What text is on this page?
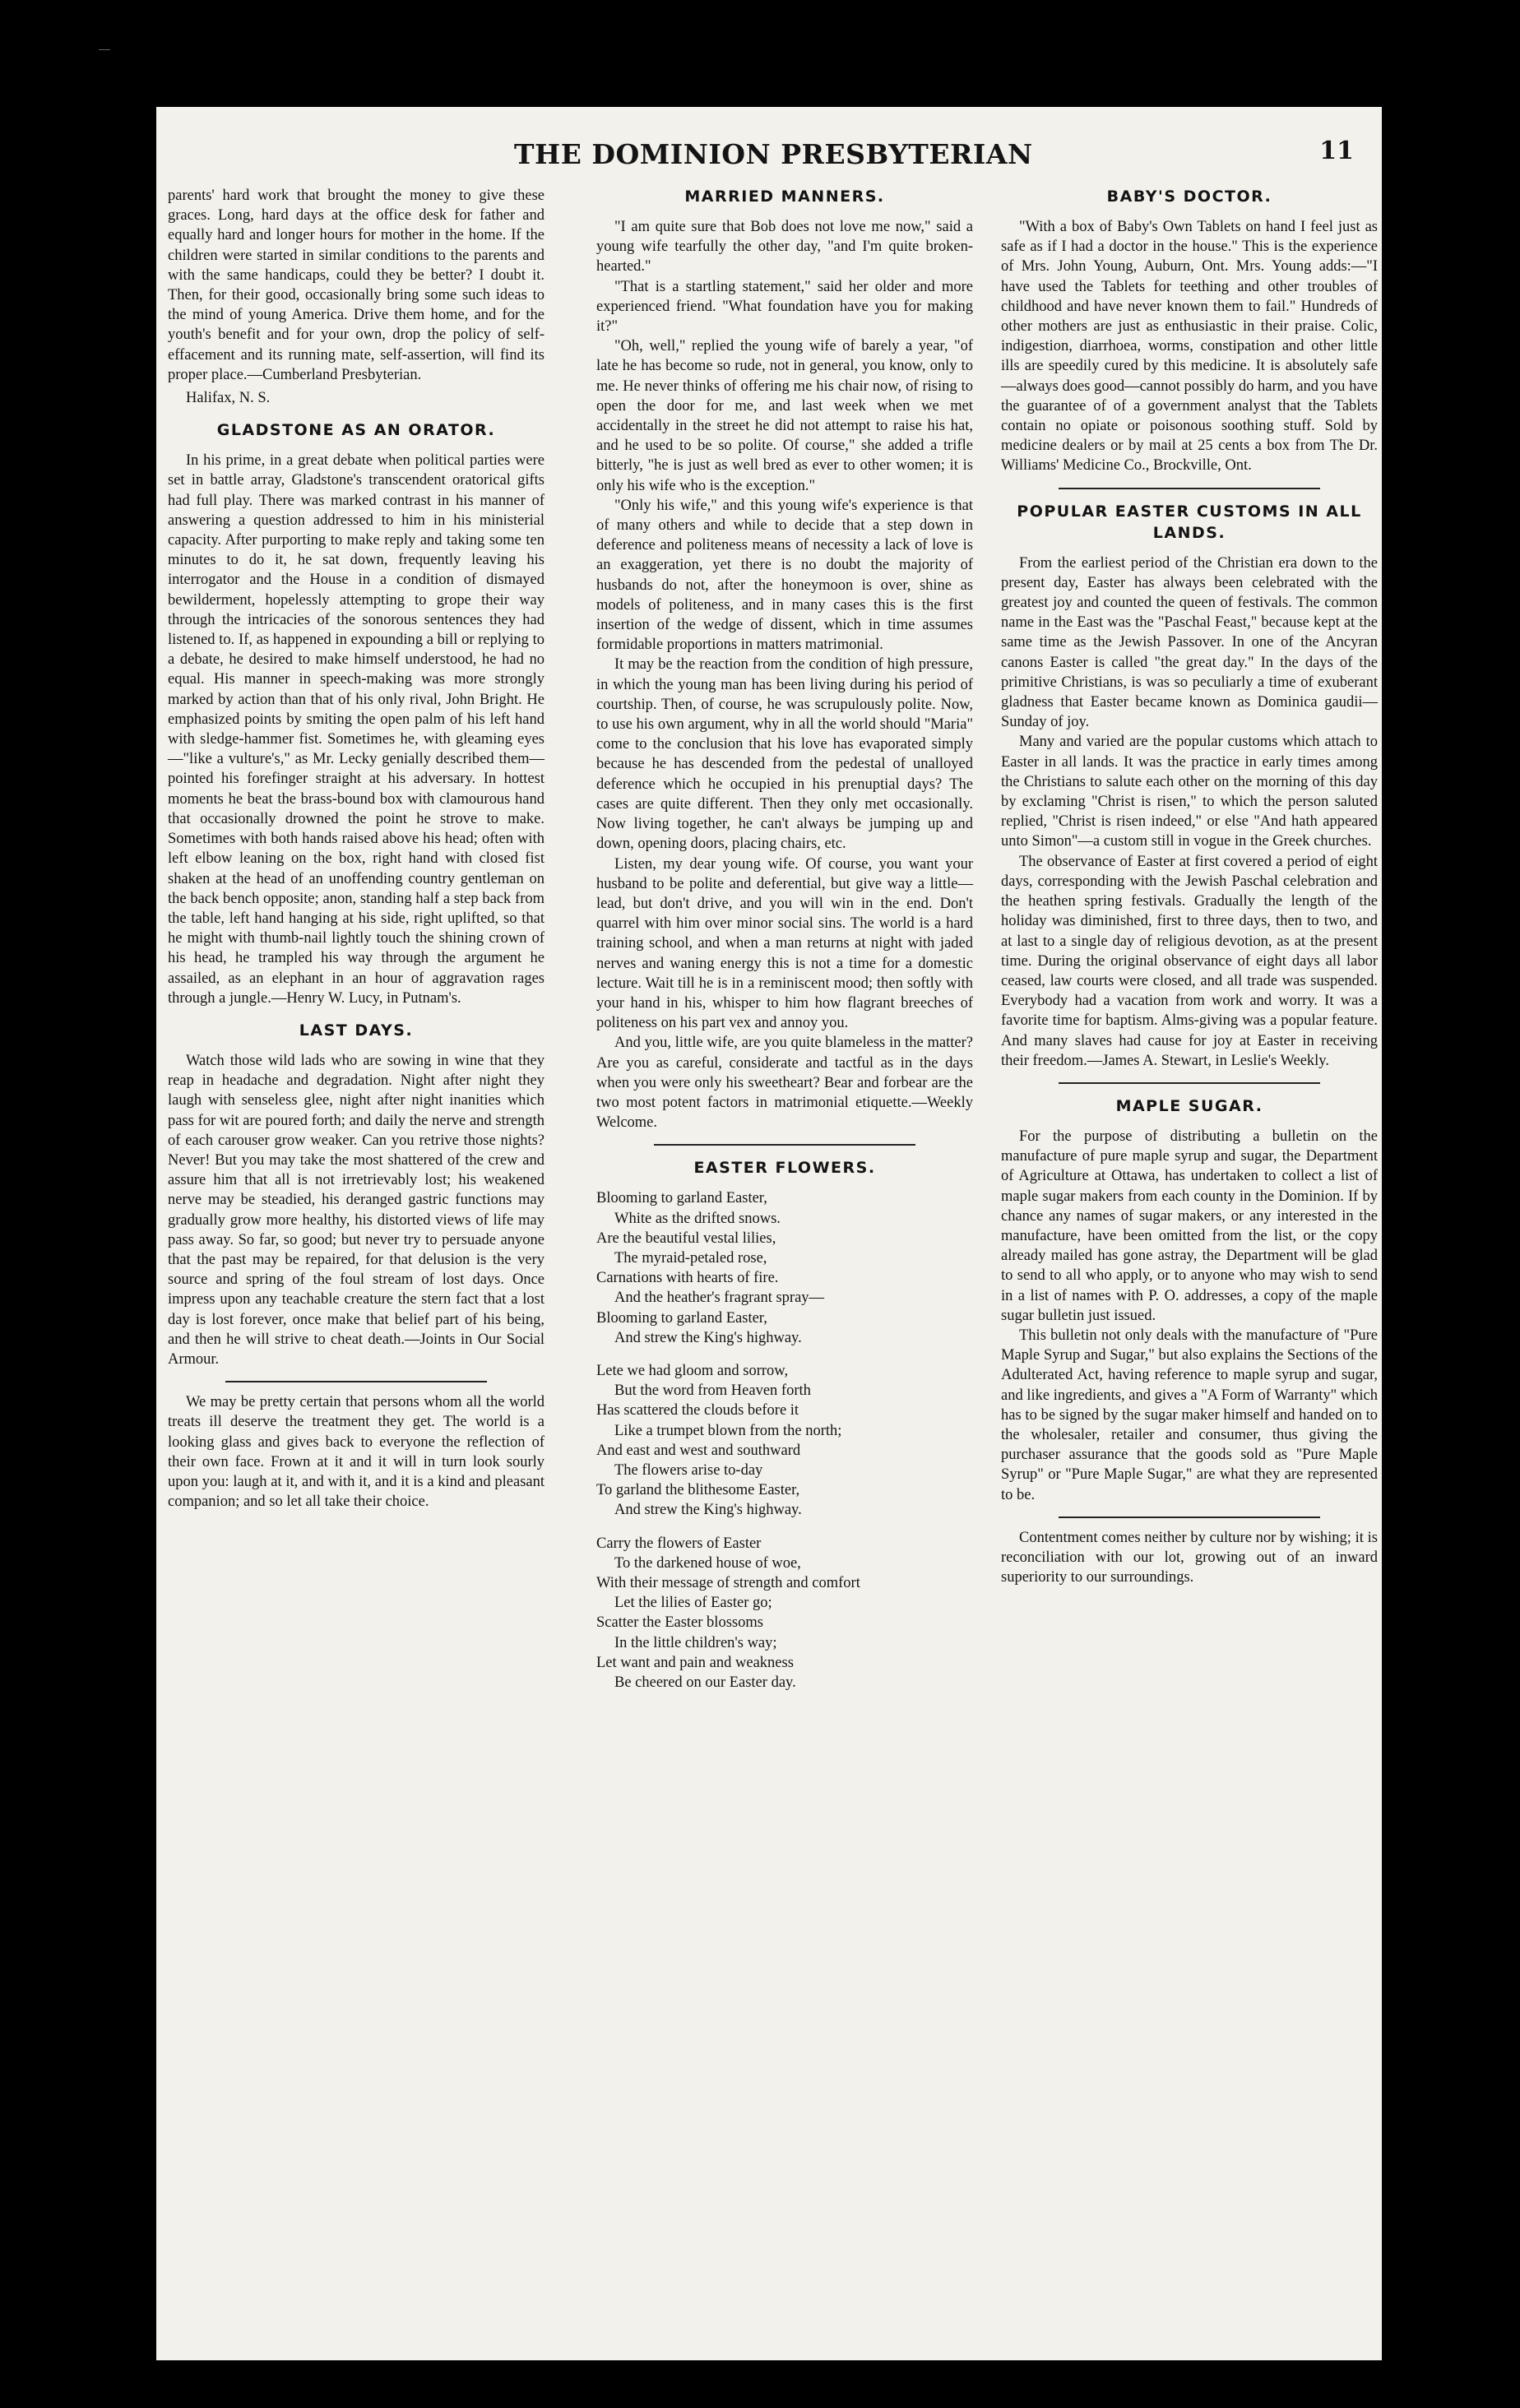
THE DOMINION PRESBYTERIAN	11

parents' hard work that brought the money to give these graces. Long, hard days at the office desk for father and equally hard and longer hours for mother in the home. If the children were started in similar conditions to the parents and with the same handicaps, could they be better? I doubt it. Then, for their good, occasionally bring some such ideas to the mind of young America. Drive them home, and for the youth's benefit and for your own, drop the policy of self-effacement and its running mate, self-assertion, will find its proper place.—Cumberland Presbyterian.

Halifax, N. S.

GLADSTONE AS AN ORATOR.

In his prime, in a great debate when political parties were set in battle array, Gladstone's transcendent oratorical gifts had full play. There was marked contrast in his manner of answering a question addressed to him in his ministerial capacity. After purporting to make reply and taking some ten minutes to do it, he sat down, frequently leaving his interrogator and the House in a condition of dismayed bewilderment, hopelessly attempting to grope their way through the intricacies of the sonorous sentences they had listened to. If, as happened in expounding a bill or replying to a debate, he desired to make himself understood, he had no equal. His manner in speech-making was more strongly marked by action than that of his only rival, John Bright. He emphasized points by smiting the open palm of his left hand with sledge-hammer fist. Sometimes he, with gleaming eyes—"like a vulture's," as Mr. Lecky genially described them—pointed his forefinger straight at his adversary. In hottest moments he beat the brass-bound box with clamourous hand that occasionally drowned the point he strove to make. Sometimes with both hands raised above his head; often with left elbow leaning on the box, right hand with closed fist shaken at the head of an unoffending country gentleman on the back bench opposite; anon, standing half a step back from the table, left hand hanging at his side, right uplifted, so that he might with thumb-nail lightly touch the shining crown of his head, he trampled his way through the argument he assailed, as an elephant in an hour of aggravation rages through a jungle.—Henry W. Lucy, in Putnam's.

LAST DAYS.

Watch those wild lads who are sowing in wine that they reap in headache and degradation. Night after night they laugh with senseless glee, night after night inanities which pass for wit are poured forth; and daily the nerve and strength of each carouser grow weaker. Can you retrive those nights? Never! But you may take the most shattered of the crew and assure him that all is not irretrievably lost; his weakened nerve may be steadied, his deranged gastric functions may gradually grow more healthy, his distorted views of life may pass away. So far, so good; but never try to persuade anyone that the past may be repaired, for that delusion is the very source and spring of the foul stream of lost days. Once impress upon any teachable creature the stern fact that a lost day is lost forever, once make that belief part of his being, and then he will strive to cheat death.—Joints in Our Social Armour.

We may be pretty certain that persons whom all the world treats ill deserve the treatment they get. The world is a looking glass and gives back to everyone the reflection of their own face. Frown at it and it will in turn look sourly upon you: laugh at it, and with it, and it is a kind and pleasant companion; and so let all take their choice.

MARRIED MANNERS.

"I am quite sure that Bob does not love me now," said a young wife tearfully the other day, "and I'm quite broken-hearted."

"That is a startling statement," said her older and more experienced friend. "What foundation have you for making it?"

"Oh, well," replied the young wife of barely a year, "of late he has become so rude, not in general, you know, only to me. He never thinks of offering me his chair now, of rising to open the door for me, and last week when we met accidentally in the street he did not attempt to raise his hat, and he used to be so polite. Of course," she added a trifle bitterly, "he is just as well bred as ever to other women; it is only his wife who is the exception."

"Only his wife," and this young wife's experience is that of many others and while to decide that a step down in deference and politeness means of necessity a lack of love is an exaggeration, yet there is no doubt the majority of husbands do not, after the honeymoon is over, shine as models of politeness, and in many cases this is the first insertion of the wedge of dissent, which in time assumes formidable proportions in matters matrimonial.

It may be the reaction from the condition of high pressure, in which the young man has been living during his period of courtship. Then, of course, he was scrupulously polite. Now, to use his own argument, why in all the world should "Maria" come to the conclusion that his love has evaporated simply because he has descended from the pedestal of unalloyed deference which he occupied in his prenuptial days? The cases are quite different. Then they only met occasionally. Now living together, he can't always be jumping up and down, opening doors, placing chairs, etc.

Listen, my dear young wife. Of course, you want your husband to be polite and deferential, but give way a little—lead, but don't drive, and you will win in the end. Don't quarrel with him over minor social sins. The world is a hard training school, and when a man returns at night with jaded nerves and waning energy this is not a time for a domestic lecture. Wait till he is in a reminiscent mood; then softly with your hand in his, whisper to him how flagrant breeches of politeness on his part vex and annoy you.

And you, little wife, are you quite blameless in the matter? Are you as careful, considerate and tactful as in the days when you were only his sweetheart? Bear and forbear are the two most potent factors in matrimonial etiquette.—Weekly Welcome.

EASTER FLOWERS.
Blooming to garland Easter,
White as the drifted snows.
Are the beautiful vestal lilies,
The myraid-petaled rose,
Carnations with hearts of fire.
And the heather's fragrant spray—
Blooming to garland Easter,
And strew the King's highway.
Lete we had gloom and sorrow,
But the word from Heaven forth
Has scattered the clouds before it
Like a trumpet blown from the north;
And east and west and southward
The flowers arise to-day
To garland the blithesome Easter,
And strew the King's highway.
Carry the flowers of Easter
To the darkened house of woe,
With their message of strength and comfort
Let the lilies of Easter go;
Scatter the Easter blossoms
In the little children's way;
Let want and pain and weakness
Be cheered on our Easter day.
BABY'S DOCTOR.

"With a box of Baby's Own Tablets on hand I feel just as safe as if I had a doctor in the house." This is the experience of Mrs. John Young, Auburn, Ont. Mrs. Young adds:—"I have used the Tablets for teething and other troubles of childhood and have never known them to fail." Hundreds of other mothers are just as enthusiastic in their praise. Colic, indigestion, diarrhoea, worms, constipation and other little ills are speedily cured by this medicine. It is absolutely safe—always does good—cannot possibly do harm, and you have the guarantee of of a government analyst that the Tablets contain no opiate or poisonous soothing stuff. Sold by medicine dealers or by mail at 25 cents a box from The Dr. Williams' Medicine Co., Brockville, Ont.

POPULAR EASTER CUSTOMS IN ALL LANDS.

From the earliest period of the Christian era down to the present day, Easter has always been celebrated with the greatest joy and counted the queen of festivals. The common name in the East was the "Paschal Feast," because kept at the same time as the Jewish Passover. In one of the Ancyran canons Easter is called "the great day." In the days of the primitive Christians, is was so peculiarly a time of exuberant gladness that Easter became known as Dominica gaudii—Sunday of joy.

Many and varied are the popular customs which attach to Easter in all lands. It was the practice in early times among the Christians to salute each other on the morning of this day by exclaming "Christ is risen," to which the person saluted replied, "Christ is risen indeed," or else "And hath appeared unto Simon"—a custom still in vogue in the Greek churches.

The observance of Easter at first covered a period of eight days, corresponding with the Jewish Paschal celebration and the heathen spring festivals. Gradually the length of the holiday was diminished, first to three days, then to two, and at last to a single day of religious devotion, as at the present time. During the original observance of eight days all labor ceased, law courts were closed, and all trade was suspended. Everybody had a vacation from work and worry. It was a favorite time for baptism. Alms-giving was a popular feature. And many slaves had cause for joy at Easter in receiving their freedom.—James A. Stewart, in Leslie's Weekly.

MAPLE SUGAR.

For the purpose of distributing a bulletin on the manufacture of pure maple syrup and sugar, the Department of Agriculture at Ottawa, has undertaken to collect a list of maple sugar makers from each county in the Dominion. If by chance any names of sugar makers, or any interested in the manufacture, have been omitted from the list, or the copy already mailed has gone astray, the Department will be glad to send to all who apply, or to anyone who may wish to send in a list of names with P. O. addresses, a copy of the maple sugar bulletin just issued.

This bulletin not only deals with the manufacture of "Pure Maple Syrup and Sugar," but also explains the Sections of the Adulterated Act, having reference to maple syrup and sugar, and like ingredients, and gives a "A Form of Warranty" which has to be signed by the sugar maker himself and handed on to the wholesaler, retailer and consumer, thus giving the purchaser assurance that the goods sold as "Pure Maple Syrup" or "Pure Maple Sugar," are what they are represented to be.

Contentment comes neither by culture nor by wishing; it is reconciliation with our lot, growing out of an inward superiority to our surroundings.
